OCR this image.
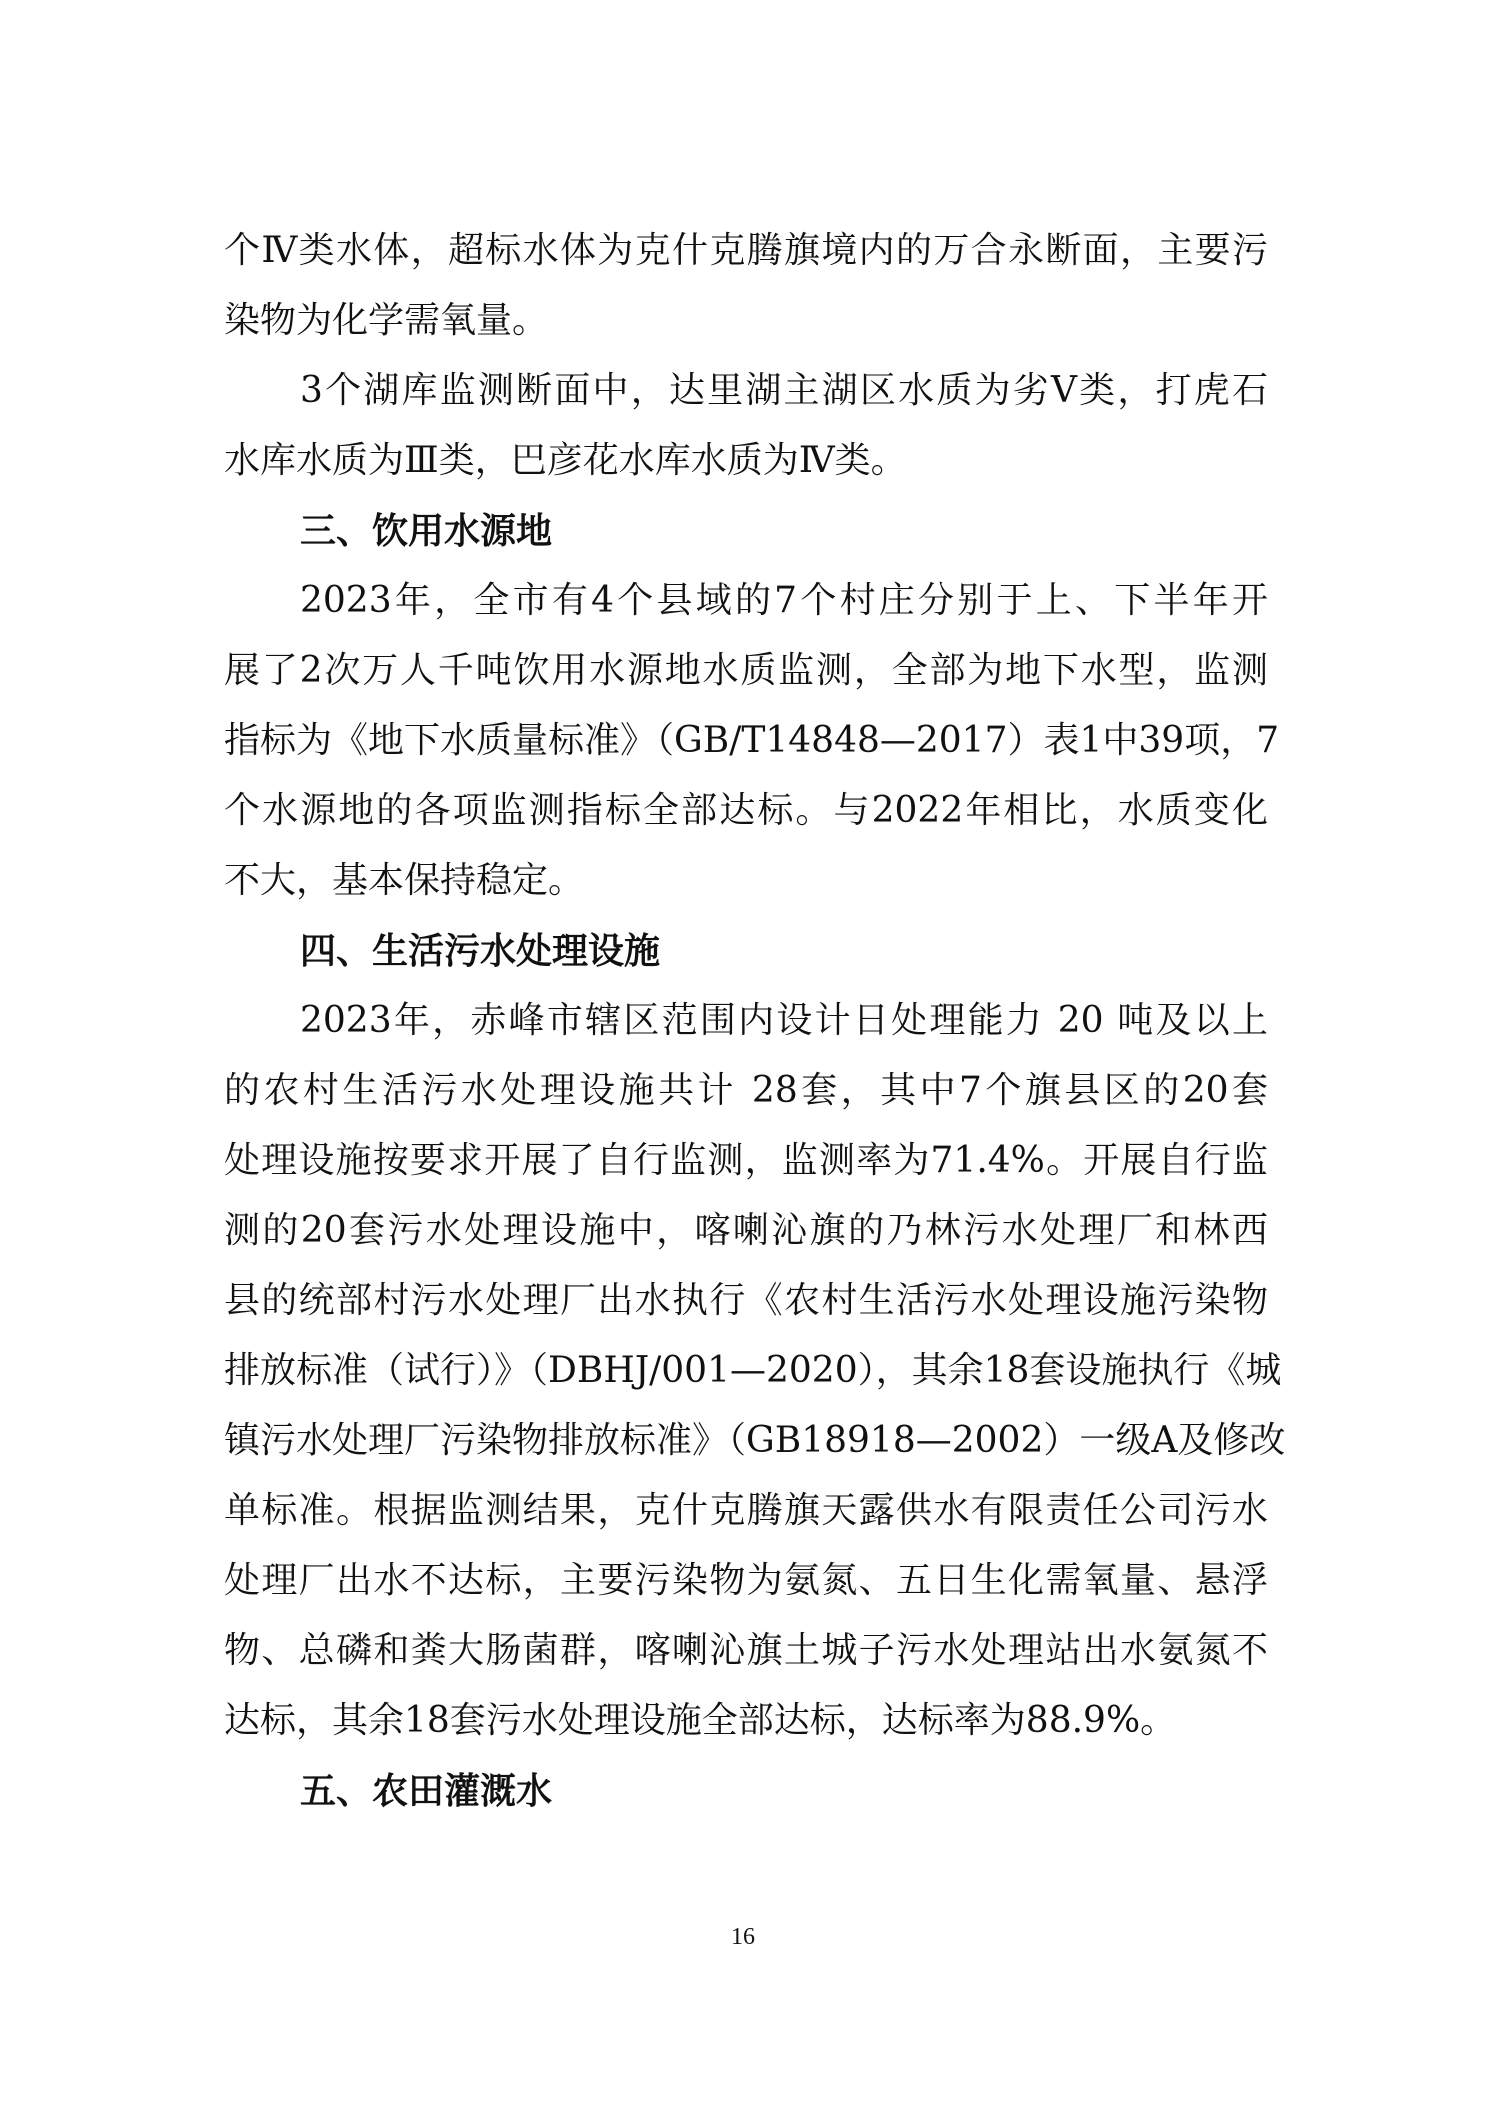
个Ⅳ类水体，超标水体为克什克腾旗境内的万合永断面，主要污
染物为化学需氧量。
3个湖库监测断面中，达里湖主湖区水质为劣Ⅴ类，打虎石
水库水质为Ⅲ类，巴彦花水库水质为Ⅳ类。
三、饮用水源地
2023年，全市有4个县域的7个村庄分别于上、下半年开
展了2次万人千吨饮用水源地水质监测，全部为地下水型，监测
指标为《地下水质量标准》（GB/T14848—2017）表1中39项，7
个水源地的各项监测指标全部达标。与2022年相比，水质变化
不大，基本保持稳定。
四、生活污水处理设施
2023年，赤峰市辖区范围内设计日处理能力 20 吨及以上
的农村生活污水处理设施共计 28套，其中7个旗县区的20套
处理设施按要求开展了自行监测，监测率为71.4%。开展自行监
测的20套污水处理设施中，喀喇沁旗的乃林污水处理厂和林西
县的统部村污水处理厂出水执行《农村生活污水处理设施污染物
排放标准（试行）》（DBHJ/001—2020），其余18套设施执行《城
镇污水处理厂污染物排放标准》（GB18918—2002）一级A及修改
单标准。根据监测结果，克什克腾旗天露供水有限责任公司污水
处理厂出水不达标，主要污染物为氨氮、五日生化需氧量、悬浮
物、总磷和粪大肠菌群，喀喇沁旗土城子污水处理站出水氨氮不
达标，其余18套污水处理设施全部达标，达标率为88.9%。
五、农田灌溉水
16
